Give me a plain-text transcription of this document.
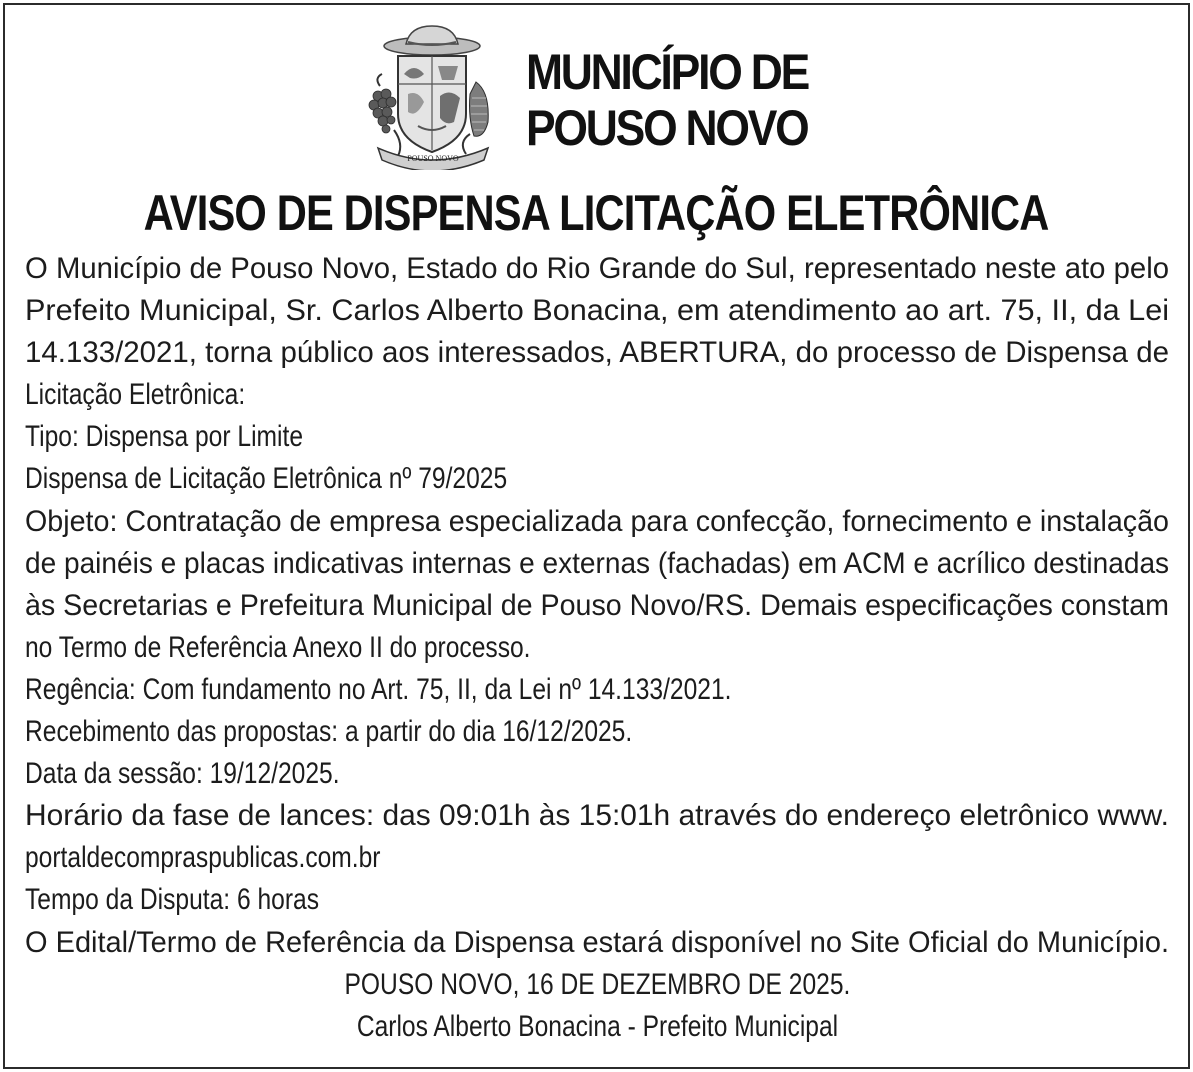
POUSO NOVO
MUNICÍPIO DE
POUSO NOVO
AVISO DE DISPENSA LICITAÇÃO ELETRÔNICA
O Município de Pouso Novo, Estado do Rio Grande do Sul, representado neste ato pelo
Prefeito Municipal, Sr. Carlos Alberto Bonacina, em atendimento ao art. 75, II, da Lei
14.133/2021, torna público aos interessados, ABERTURA, do processo de Dispensa de
Licitação Eletrônica:
Tipo: Dispensa por Limite
Dispensa de Licitação Eletrônica nº 79/2025
Objeto: Contratação de empresa especializada para confecção, fornecimento e instalação
de painéis e placas indicativas internas e externas (fachadas) em ACM e acrílico destinadas
às Secretarias e Prefeitura Municipal de Pouso Novo/RS. Demais especificações constam
no Termo de Referência Anexo II do processo.
Regência: Com fundamento no Art. 75, II, da Lei nº 14.133/2021.
Recebimento das propostas: a partir do dia 16/12/2025.
Data da sessão: 19/12/2025.
Horário da fase de lances: das 09:01h às 15:01h através do endereço eletrônico www.
portaldecompraspublicas.com.br
Tempo da Disputa: 6 horas
O Edital/Termo de Referência da Dispensa estará disponível no Site Oficial do Município.
POUSO NOVO, 16 DE DEZEMBRO DE 2025.
Carlos Alberto Bonacina - Prefeito Municipal
